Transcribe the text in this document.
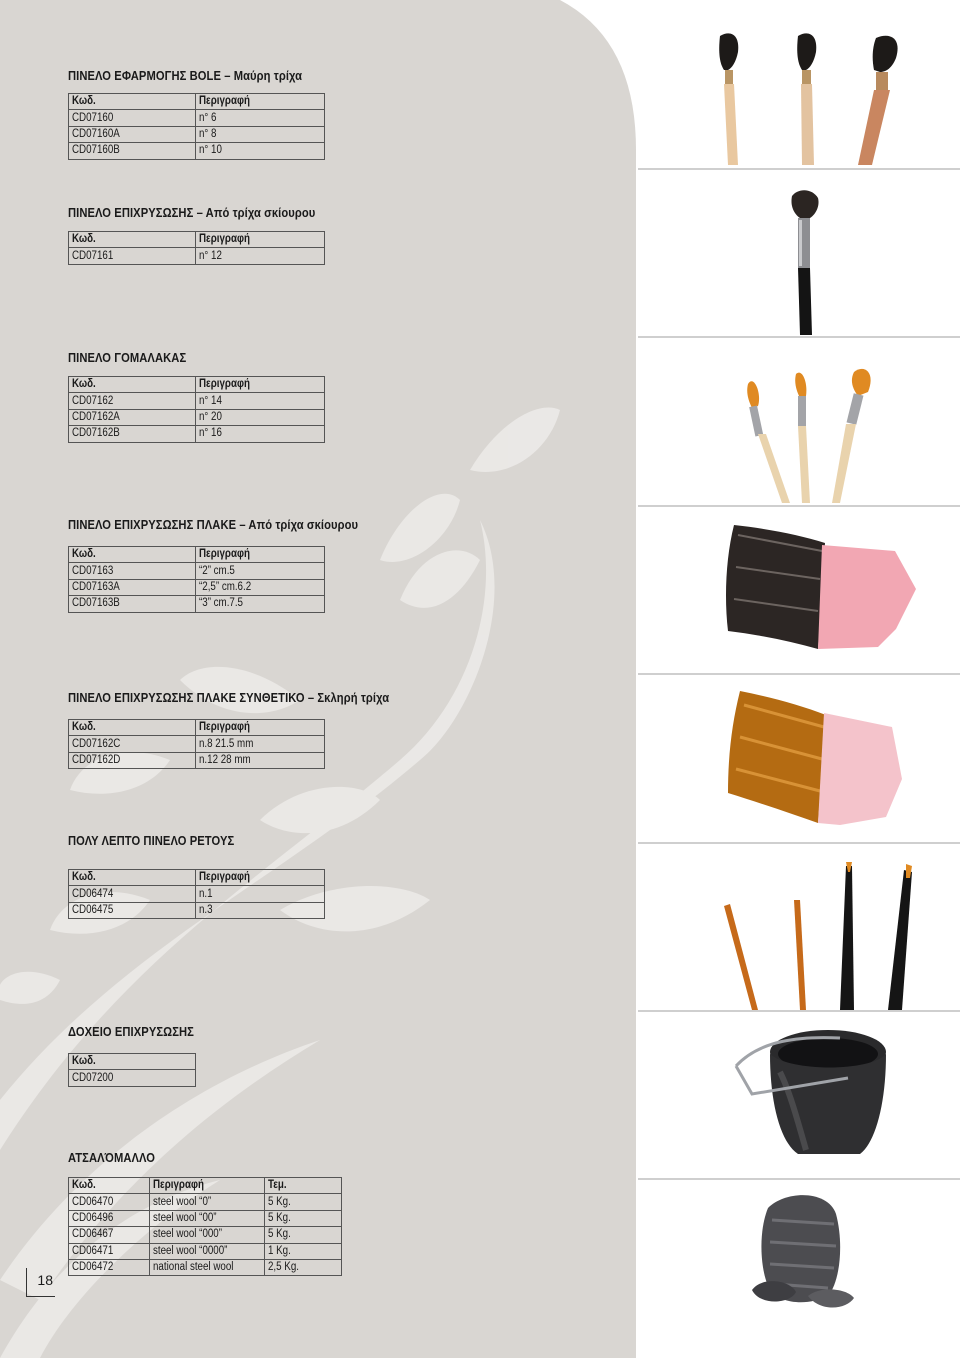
ΠΙΝΕΛΟ ΕΦΑΡΜΟΓΗΣ BOLE – Μαύρη τρίχα
Κωδ.	Περιγραφή
CD07160	n° 6
CD07160A	n° 8
CD07160B	n° 10
ΠΙΝΕΛΟ ΕΠΙΧΡΥΣΩΣΗΣ – Από τρίχα σκίουρου
Κωδ.	Περιγραφή
CD07161	n° 12
ΠΙΝΕΛΟ ΓΟΜΑΛΑΚΑΣ
Κωδ.	Περιγραφή
CD07162	n° 14
CD07162A	n° 20
CD07162B	n° 16
ΠΙΝΕΛΟ ΕΠΙΧΡΥΣΩΣΗΣ ΠΛΑΚΕ – Από τρίχα σκίουρου
Κωδ.	Περιγραφή
CD07163	“2” cm.5
CD07163A	“2,5” cm.6.2
CD07163B	“3” cm.7.5
ΠΙΝΕΛΟ ΕΠΙΧΡΥΣΩΣΗΣ ΠΛΑΚΕ ΣΥΝΘΕΤΙΚΟ – Σκληρή τρίχα
Κωδ.	Περιγραφή
CD07162C	n.8 21.5 mm
CD07162D	n.12 28 mm
ΠΟΛΥ ΛΕΠΤΟ ΠΙΝΕΛΟ ΡΕΤΟΥΣ
Κωδ.	Περιγραφή
CD06474	n.1
CD06475	n.3
ΔΟΧΕΙΟ ΕΠΙΧΡΥΣΩΣΗΣ
Κωδ.
CD07200
ΑΤΣΑΛΌΜΑΛΛΟ
Κωδ.	Περιγραφή	Τεμ.
CD06470	steel wool “0”	5 Kg.
CD06496	steel wool “00”	5 Kg.
CD06467	steel wool “000”	5 Kg.
CD06471	steel wool “0000”	1 Kg.
CD06472	national steel wool	2,5 Kg.
18
